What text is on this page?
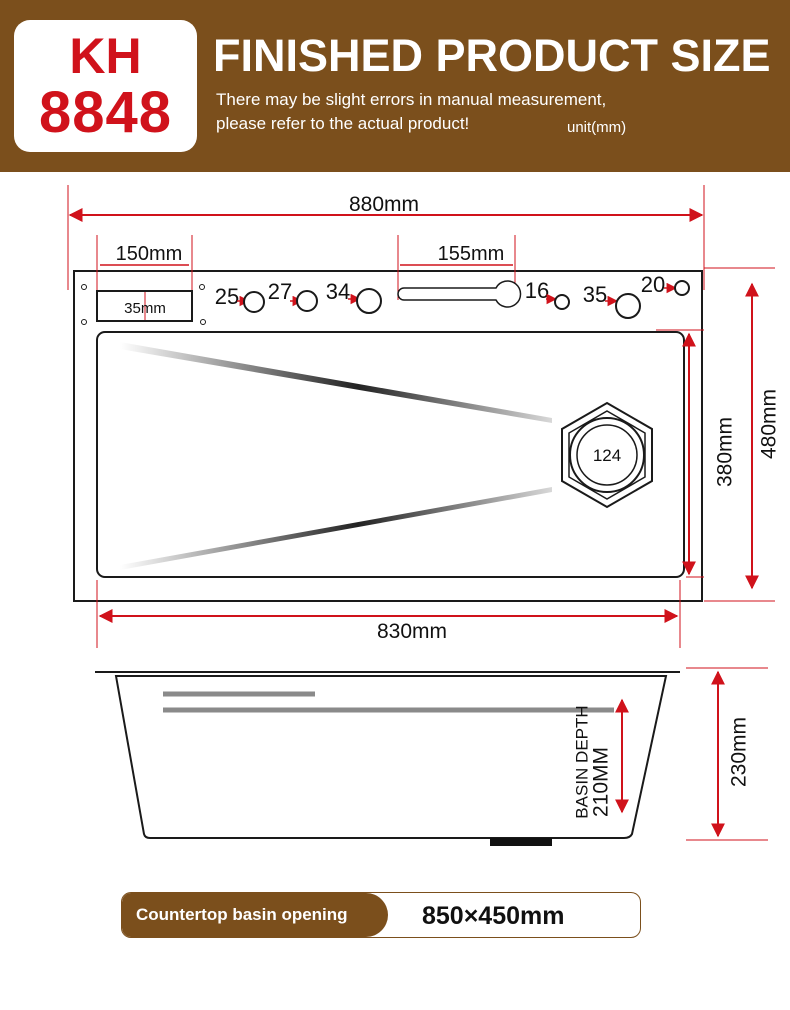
KH
8848
FINISHED PRODUCT SIZE
There may be slight errors in manual measurement,
please refer to the actual product!	unit(mm)
880mm
150mm
35mm 25 27 34
155mm
16 35 20
124
830mm
380mm 480mm
BASIN DEPTH
210MM	230mm
Countertop basin opening	850×450mm
